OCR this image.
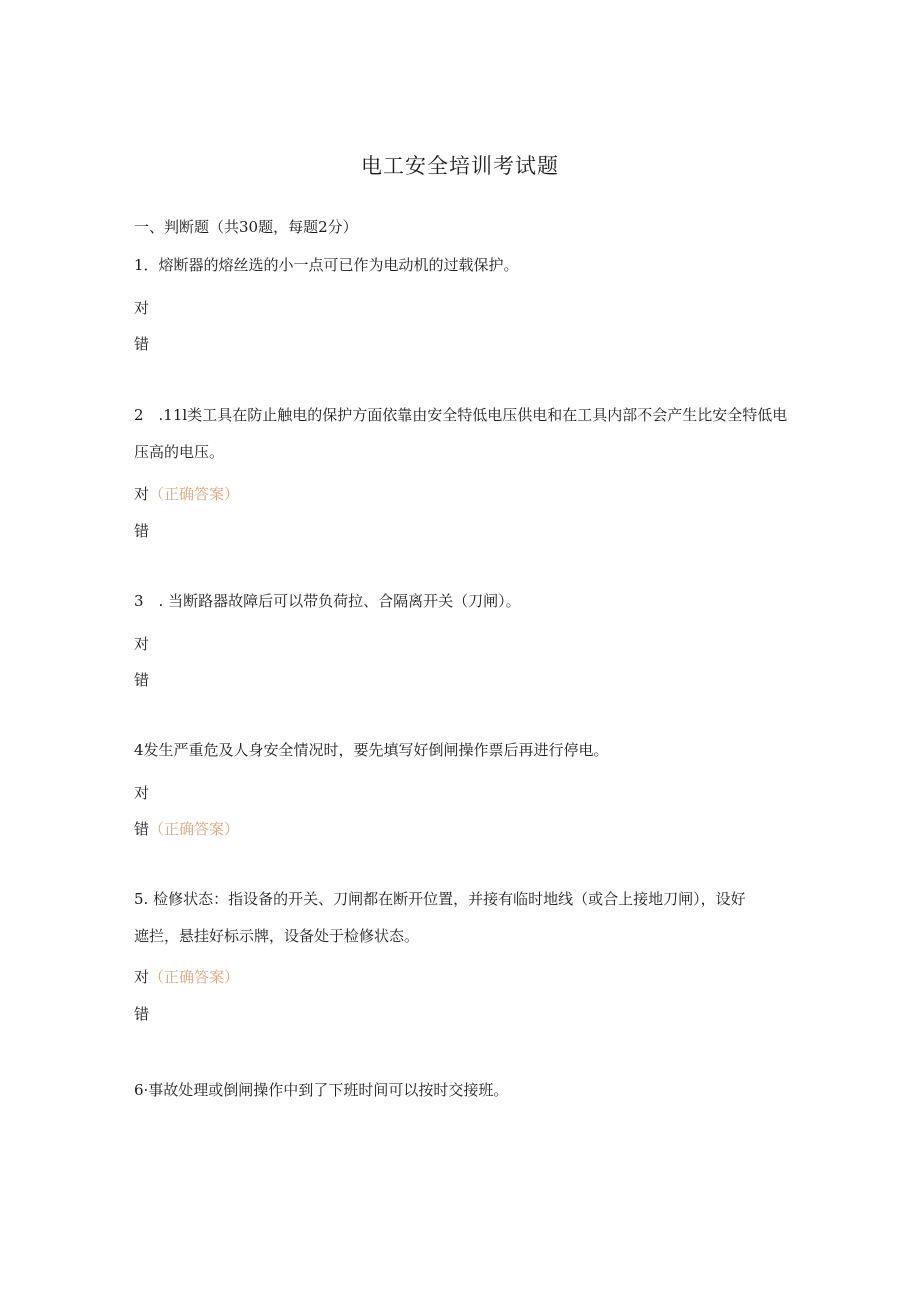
电工安全培训考试题
一、判断题（共30题，每题2分）
1．熔断器的熔丝选的小一点可已作为电动机的过载保护。
对
错
2　.11l类工具在防止触电的保护方面依靠由安全特低电压供电和在工具内部不会产生比安全特低电压高的电压。
对（正确答案）
错
3　. 当断路器故障后可以带负荷拉、合隔离开关（刀闸）。
对
错
4发生严重危及人身安全情况时，要先填写好倒闸操作票后再进行停电。
对
错（正确答案）
5. 检修状态：指设备的开关、刀闸都在断开位置，并接有临时地线（或合上接地刀闸），设好遮拦，悬挂好标示牌，设备处于检修状态。
对（正确答案）
错
6·事故处理或倒闸操作中到了下班时间可以按时交接班。
